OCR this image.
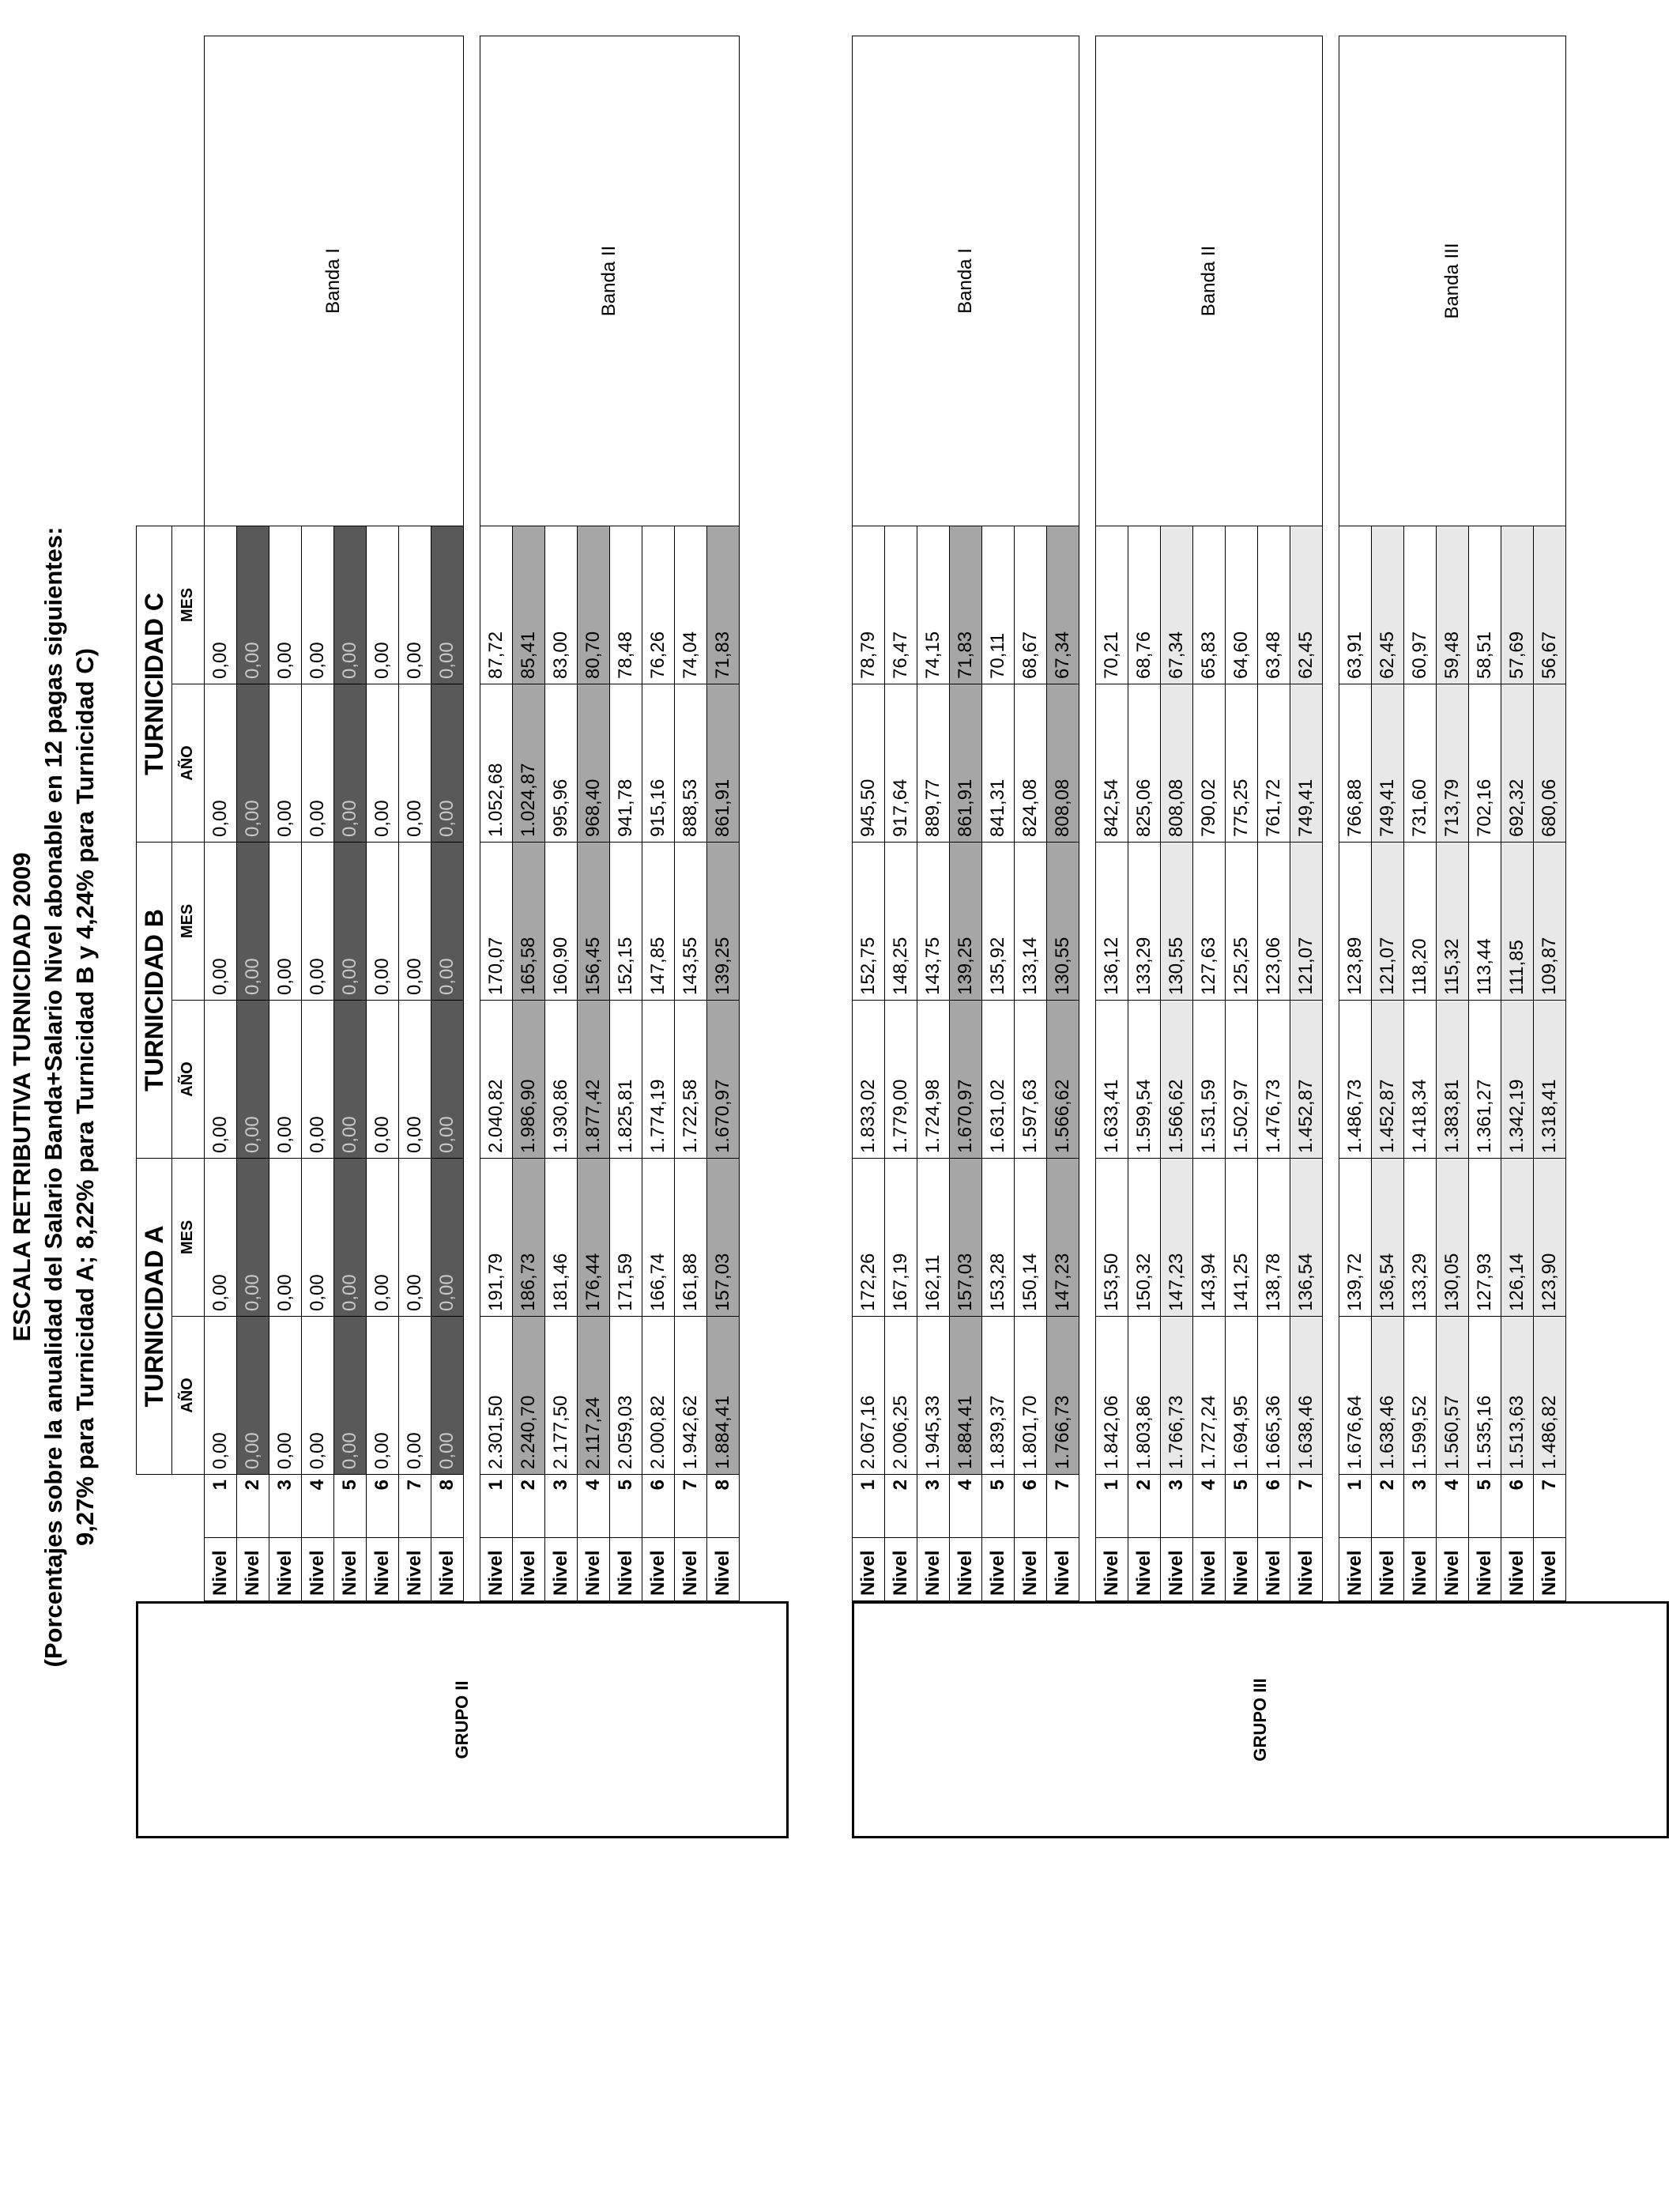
ESCALA RETRIBUTIVA TURNICIDAD 2009 (Porcentajes sobre la anualidad del Salario Banda+Salario Nivel abonable en 12 pagas siguientes: 9,27% para Turnicidad A; 8,22% para Turnicidad B y 4,24% para Turnicidad C)
GRUPO II
		TURNICIDAD A		TURNICIDAD B		TURNICIDAD C		
		AÑO	MES	AÑO	MES	AÑO	MES	
Nivel	1	0,00	0,00	0,00	0,00	0,00	0,00	Banda I
Nivel	2	0,00	0,00	0,00	0,00	0,00	0,00	
Nivel	3	0,00	0,00	0,00	0,00	0,00	0,00	
Nivel	4	0,00	0,00	0,00	0,00	0,00	0,00	
Nivel	5	0,00	0,00	0,00	0,00	0,00	0,00	
Nivel	6	0,00	0,00	0,00	0,00	0,00	0,00	
Nivel	7	0,00	0,00	0,00	0,00	0,00	0,00	
Nivel	8	0,00	0,00	0,00	0,00	0,00	0,00	

Nivel	1	2.301,50	191,79	2.040,82	170,07	1.052,68	87,72	Banda II
Nivel	2	2.240,70	186,73	1.986,90	165,58	1.024,87	85,41	
Nivel	3	2.177,50	181,46	1.930,86	160,90	995,96	83,00	
Nivel	4	2.117,24	176,44	1.877,42	156,45	968,40	80,70	
Nivel	5	2.059,03	171,59	1.825,81	152,15	941,78	78,48	
Nivel	6	2.000,82	166,74	1.774,19	147,85	915,16	76,26	
Nivel	7	1.942,62	161,88	1.722,58	143,55	888,53	74,04	
Nivel	8	1.884,41	157,03	1.670,97	139,25	861,91	71,83	
GRUPO III
Nivel	1	2.067,16	172,26	1.833,02	152,75	945,50	78,79	Banda I
Nivel	2	2.006,25	167,19	1.779,00	148,25	917,64	76,47	
Nivel	3	1.945,33	162,11	1.724,98	143,75	889,77	74,15	
Nivel	4	1.884,41	157,03	1.670,97	139,25	861,91	71,83	
Nivel	5	1.839,37	153,28	1.631,02	135,92	841,31	70,11	
Nivel	6	1.801,70	150,14	1.597,63	133,14	824,08	68,67	
Nivel	7	1.766,73	147,23	1.566,62	130,55	808,08	67,34	

Nivel	1	1.842,06	153,50	1.633,41	136,12	842,54	70,21	Banda II
Nivel	2	1.803,86	150,32	1.599,54	133,29	825,06	68,76	
Nivel	3	1.766,73	147,23	1.566,62	130,55	808,08	67,34	
Nivel	4	1.727,24	143,94	1.531,59	127,63	790,02	65,83	
Nivel	5	1.694,95	141,25	1.502,97	125,25	775,25	64,60	
Nivel	6	1.665,36	138,78	1.476,73	123,06	761,72	63,48	
Nivel	7	1.638,46	136,54	1.452,87	121,07	749,41	62,45	

Nivel	1	1.676,64	139,72	1.486,73	123,89	766,88	63,91	Banda III
Nivel	2	1.638,46	136,54	1.452,87	121,07	749,41	62,45	
Nivel	3	1.599,52	133,29	1.418,34	118,20	731,60	60,97	
Nivel	4	1.560,57	130,05	1.383,81	115,32	713,79	59,48	
Nivel	5	1.535,16	127,93	1.361,27	113,44	702,16	58,51	
Nivel	6	1.513,63	126,14	1.342,19	111,85	692,32	57,69	
Nivel	7	1.486,82	123,90	1.318,41	109,87	680,06	56,67	
